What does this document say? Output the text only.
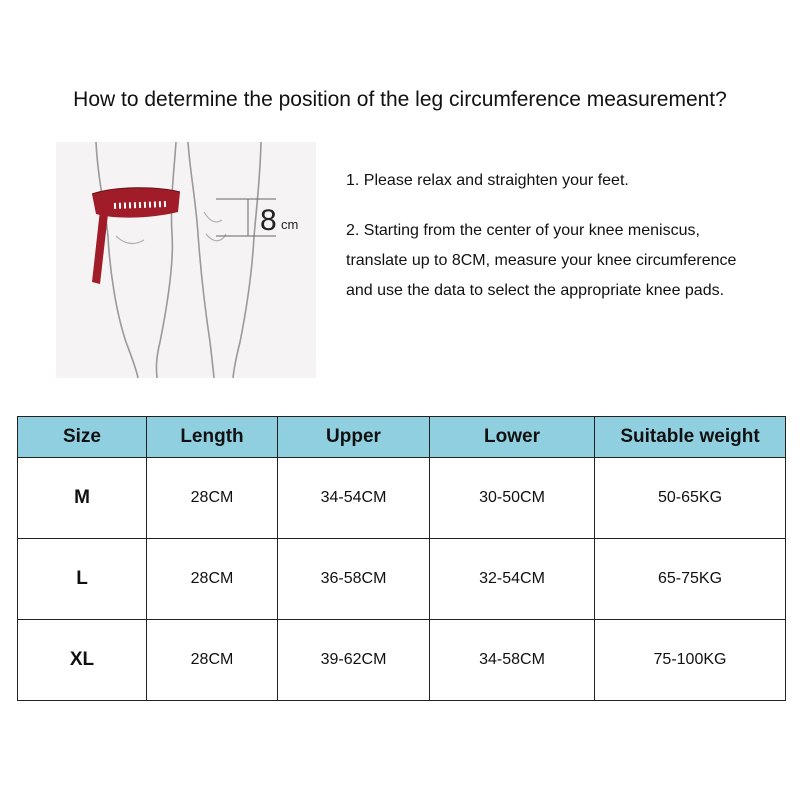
How to determine the position of the leg circumference measurement?
8 cm

1. Please relax and straighten your feet.

2. Starting from the center of your knee meniscus,
translate up to 8CM, measure your knee circumference
and use the data to select the appropriate knee pads.

Size	Length	Upper	Lower	Suitable weight
M	28CM	34-54CM	30-50CM	50-65KG
L	28CM	36-58CM	32-54CM	65-75KG
XL	28CM	39-62CM	34-58CM	75-100KG
